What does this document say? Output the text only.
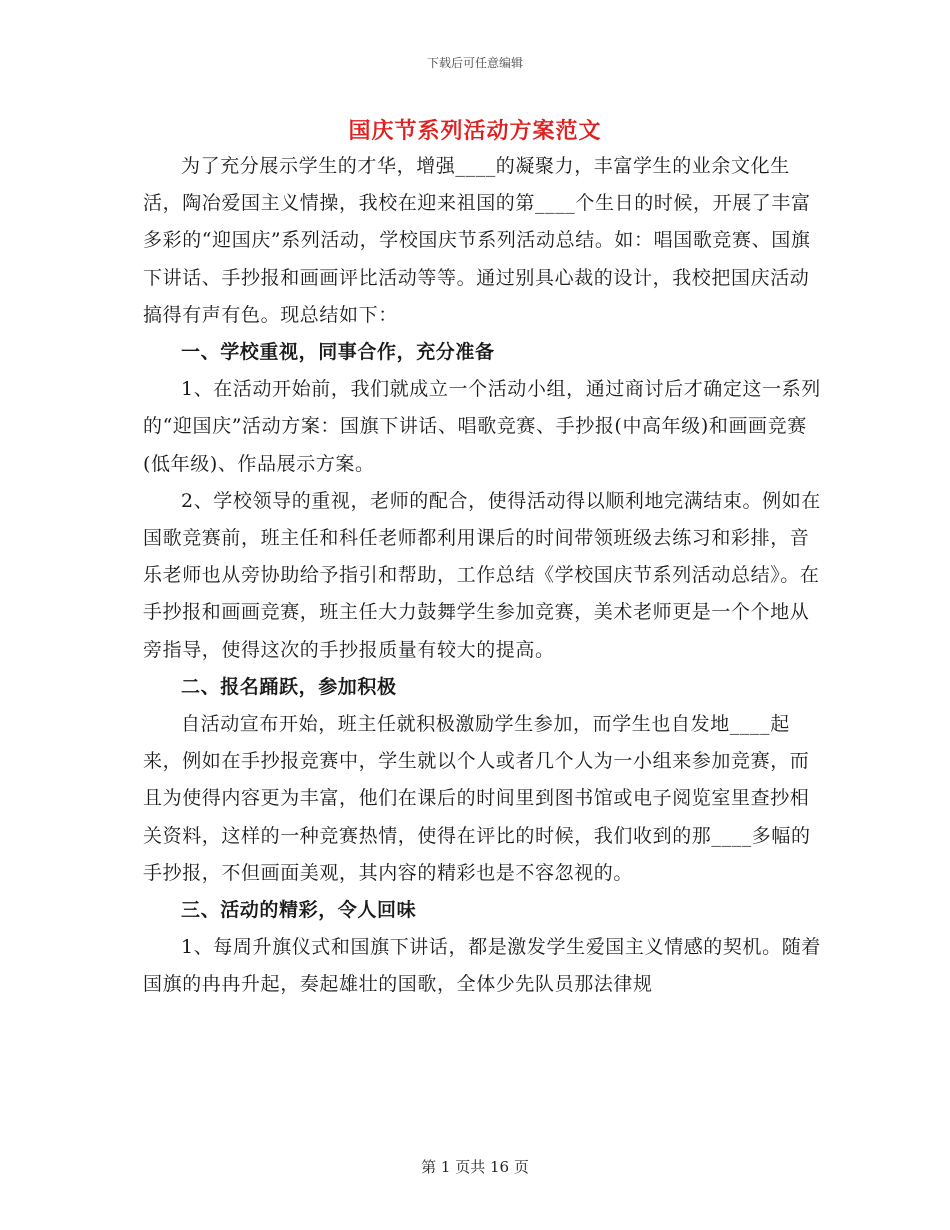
下载后可任意编辑
国庆节系列活动方案范文

为了充分展示学生的才华，增强____的凝聚力，丰富学生的业余文化生活，陶冶爱国主义情操，我校在迎来祖国的第____个生日的时候，开展了丰富多彩的“迎国庆”系列活动，学校国庆节系列活动总结。如：唱国歌竞赛、国旗下讲话、手抄报和画画评比活动等等。通过别具心裁的设计，我校把国庆活动搞得有声有色。现总结如下：

一、学校重视，同事合作，充分准备

1、在活动开始前，我们就成立一个活动小组，通过商讨后才确定这一系列的“迎国庆”活动方案：国旗下讲话、唱歌竞赛、手抄报(中高年级)和画画竞赛(低年级)、作品展示方案。

2、学校领导的重视，老师的配合，使得活动得以顺利地完满结束。例如在国歌竞赛前，班主任和科任老师都利用课后的时间带领班级去练习和彩排，音乐老师也从旁协助给予指引和帮助，工作总结《学校国庆节系列活动总结》。在手抄报和画画竞赛，班主任大力鼓舞学生参加竞赛，美术老师更是一个个地从旁指导，使得这次的手抄报质量有较大的提高。

二、报名踊跃，参加积极

自活动宣布开始，班主任就积极激励学生参加，而学生也自发地____起来，例如在手抄报竞赛中，学生就以个人或者几个人为一小组来参加竞赛，而且为使得内容更为丰富，他们在课后的时间里到图书馆或电子阅览室里查抄相关资料，这样的一种竞赛热情，使得在评比的时候，我们收到的那____多幅的手抄报，不但画面美观，其内容的精彩也是不容忽视的。

三、活动的精彩，令人回味

1、每周升旗仪式和国旗下讲话，都是激发学生爱国主义情感的契机。随着国旗的冉冉升起，奏起雄壮的国歌，全体少先队员那法律规

第 1 页共 16 页
